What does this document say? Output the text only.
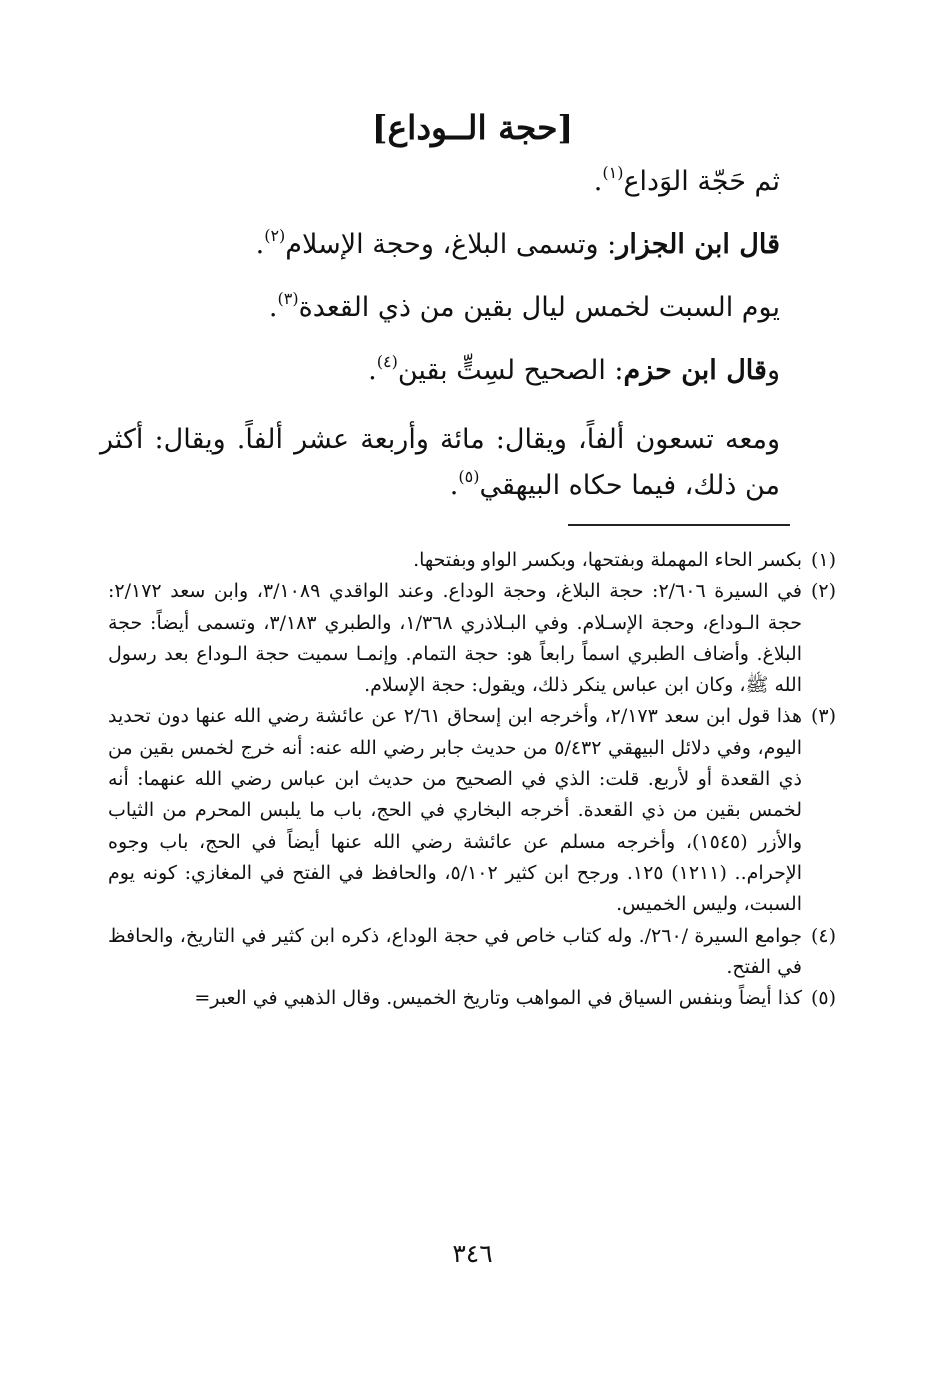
[حجة الــوداع]

ثم حَجّة الوَداع$^{(١)}$.

قال ابن الجزار: وتسمى البلاغ، وحجة الإسلام$^{(٢)}$.

يوم السبت لخمس ليال بقين من ذي القعدة$^{(٣)}$.

وقال ابن حزم: الصحيح لسِتٍّ بقين$^{(٤)}$.

ومعه تسعون ألفاً، ويقال: مائة وأربعة عشر ألفاً. ويقال: أكثر من ذلك، فيما حكاه البيهقي$^{(٥)}$.

(١)
بكسر الحاء المهملة وبفتحها، وبكسر الواو وبفتحها.
(٢)
في السيرة ٢/٦٠٦: حجة البلاغ، وحجة الوداع. وعند الواقدي ٣/١٠٨٩، وابن سعد ٢/١٧٢: حجة الـوداع، وحجة الإسـلام. وفي البـلاذري ١/٣٦٨، والطبري ٣/١٨٣، وتسمى أيضاً: حجة البلاغ. وأضاف الطبري اسماً رابعاً هو: حجة التمام. وإنمـا سميت حجة الـوداع بعد رسول الله ﷺ، وكان ابن عباس ينكر ذلك، ويقول: حجة الإسلام.
(٣)
هذا قول ابن سعد ٢/١٧٣، وأخرجه ابن إسحاق ٢/٦١ عن عائشة رضي الله عنها دون تحديد اليوم، وفي دلائل البيهقي ٥/٤٣٢ من حديث جابر رضي الله عنه: أنه خرج لخمس بقين من ذي القعدة أو لأربع. قلت: الذي في الصحيح من حديث ابن عباس رضي الله عنهما: أنه لخمس بقين من ذي القعدة. أخرجه البخاري في الحج، باب ما يلبس المحرم من الثياب والأزر (١٥٤٥)، وأخرجه مسلم عن عائشة رضي الله عنها أيضاً في الحج، باب وجوه الإحرام.. (١٢١١) ١٢٥. ورجح ابن كثير ٥/١٠٢، والحافظ في الفتح في المغازي: كونه يوم السبت، وليس الخميس.
(٤)
جوامع السيرة /٢٦٠/. وله كتاب خاص في حجة الوداع، ذكره ابن كثير في التاريخ، والحافظ في الفتح.
(٥)
كذا أيضاً وبنفس السياق في المواهب وتاريخ الخميس. وقال الذهبي في العبر=
٣٤٦
